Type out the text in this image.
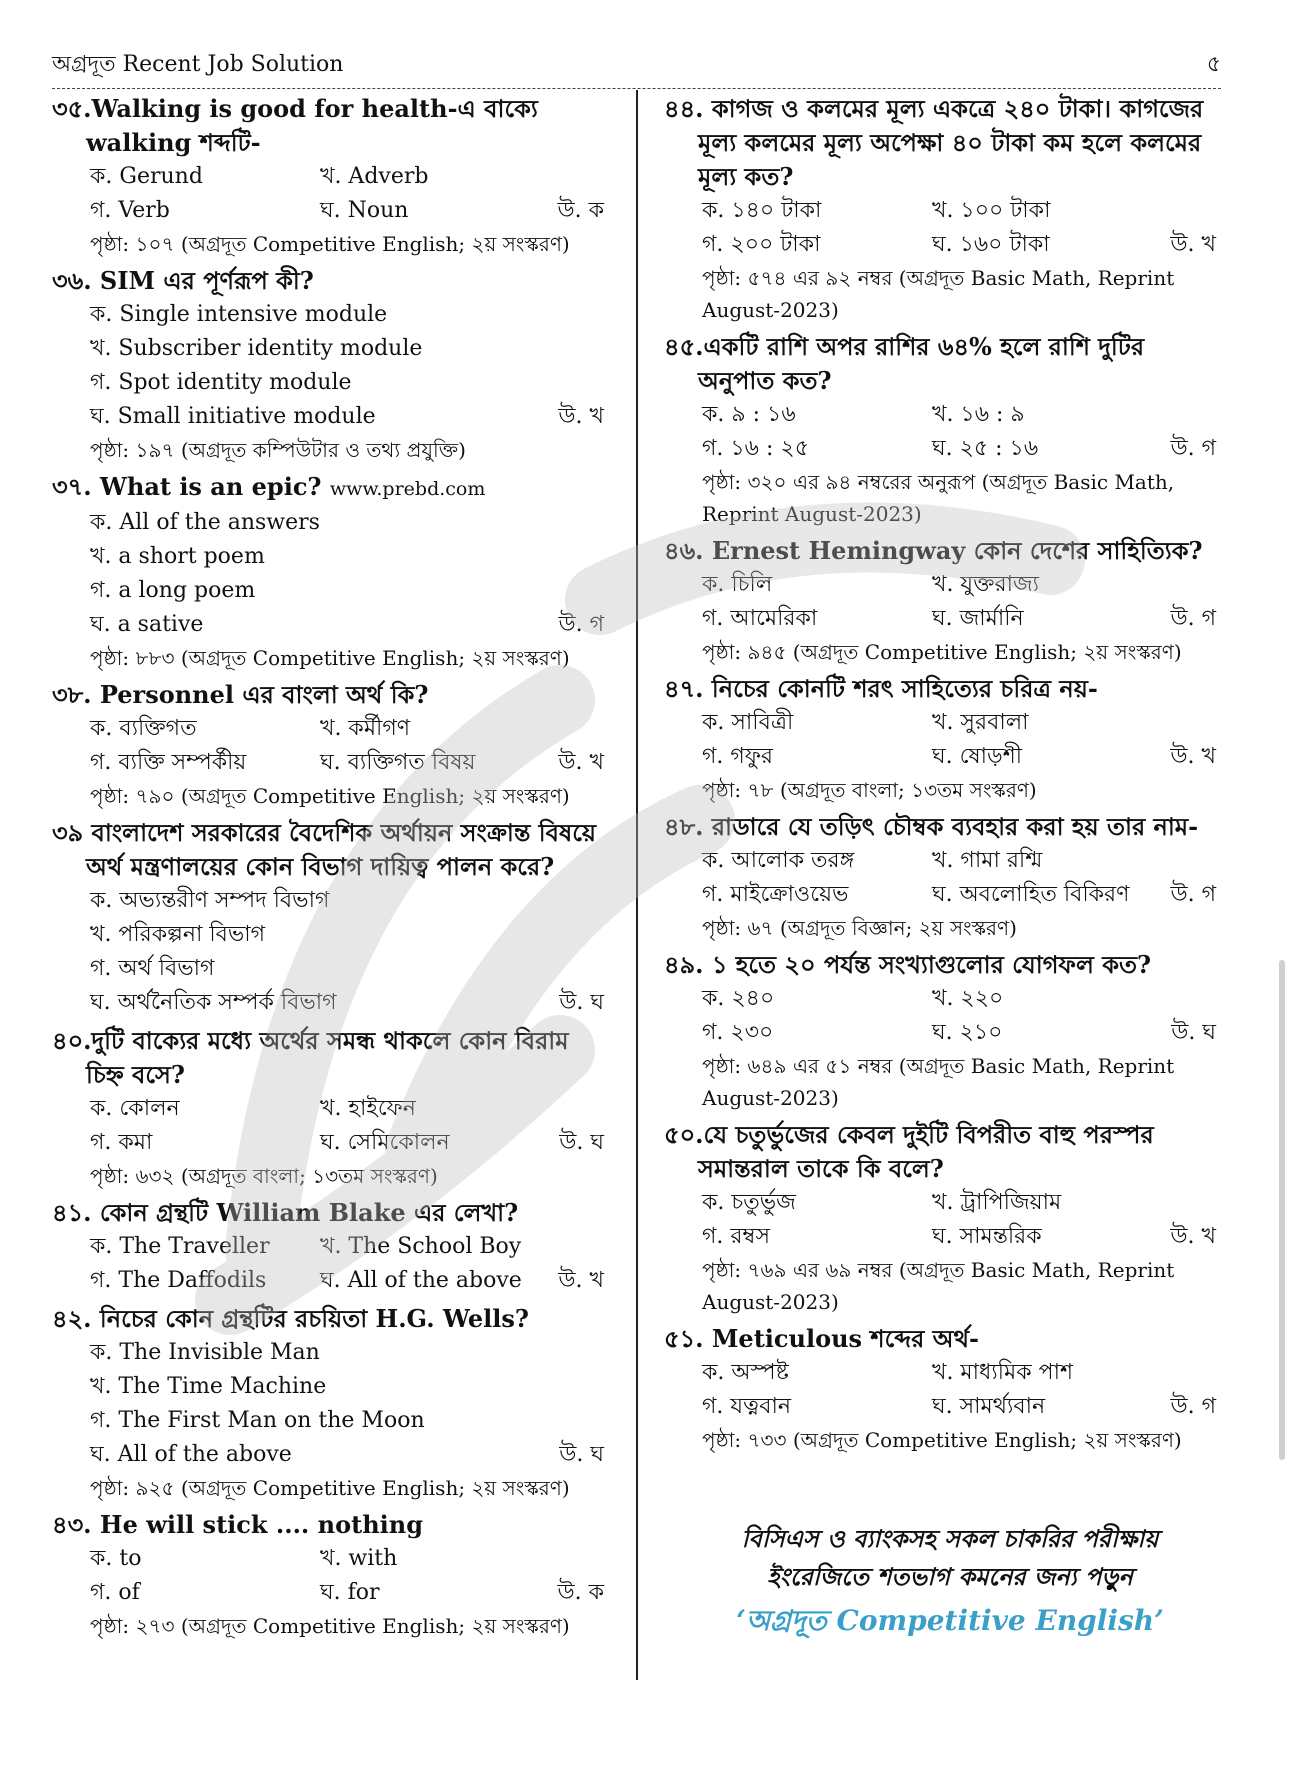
অগ্রদূত Recent Job Solution	৫
৩৫.Walking is good for health-এ বাক্যে walking শব্দটি-
ক. Gerund	খ. Adverb
গ. Verb	ঘ. Noun	উ. ক
পৃষ্ঠা: ১০৭ (অগ্রদূত Competitive English; ২য় সংস্করণ)
৩৬. SIM এর পূর্ণরূপ কী?
ক. Single intensive module
খ. Subscriber identity module
গ. Spot identity module
ঘ. Small initiative module	উ. খ
পৃষ্ঠা: ১৯৭ (অগ্রদূত কম্পিউটার ও তথ্য প্রযুক্তি)
৩৭. What is an epic? www.prebd.com
ক. All of the answers
খ. a short poem
গ. a long poem
ঘ. a sative	উ. গ
পৃষ্ঠা: ৮৮৩ (অগ্রদূত Competitive English; ২য় সংস্করণ)
৩৮. Personnel এর বাংলা অর্থ কি?
ক. ব্যক্তিগত	খ. কর্মীগণ
গ. ব্যক্তি সম্পর্কীয়	ঘ. ব্যক্তিগত বিষয়	উ. খ
পৃষ্ঠা: ৭৯০ (অগ্রদূত Competitive English; ২য় সংস্করণ)
৩৯ বাংলাদেশ সরকারের বৈদেশিক অর্থায়ন সংক্রান্ত বিষয়ে অর্থ মন্ত্রণালয়ের কোন বিভাগ দায়িত্ব পালন করে?
ক. অভ্যন্তরীণ সম্পদ বিভাগ
খ. পরিকল্পনা বিভাগ
গ. অর্থ বিভাগ
ঘ. অর্থনৈতিক সম্পর্ক বিভাগ	উ. ঘ
৪০.দুটি বাক্যের মধ্যে অর্থের সমন্ধ থাকলে কোন বিরাম চিহ্ন বসে?
ক. কোলন	খ. হাইফেন
গ. কমা	ঘ. সেমিকোলন	উ. ঘ
পৃষ্ঠা: ৬৩২ (অগ্রদূত বাংলা; ১৩তম সংস্করণ)
৪১. কোন গ্রন্থটি William Blake এর লেখা?
ক. The Traveller	খ. The School Boy
গ. The Daffodils	ঘ. All of the above	উ. খ
৪২. নিচের কোন গ্রন্থটির রচয়িতা H.G. Wells?
ক. The Invisible Man
খ. The Time Machine
গ. The First Man on the Moon
ঘ. All of the above	উ. ঘ
পৃষ্ঠা: ৯২৫ (অগ্রদূত Competitive English; ২য় সংস্করণ)
৪৩. He will stick .... nothing
ক. to	খ. with
গ. of	ঘ. for	উ. ক
পৃষ্ঠা: ২৭৩ (অগ্রদূত Competitive English; ২য় সংস্করণ)
৪৪. কাগজ ও কলমের মূল্য একত্রে ২৪০ টাকা। কাগজের মূল্য কলমের মূল্য অপেক্ষা ৪০ টাকা কম হলে কলমের মূল্য কত?
ক. ১৪০ টাকা	খ. ১০০ টাকা
গ. ২০০ টাকা	ঘ. ১৬০ টাকা	উ. খ
পৃষ্ঠা: ৫৭৪ এর ৯২ নম্বর (অগ্রদূত Basic Math, Reprint August-2023)
৪৫.একটি রাশি অপর রাশির ৬৪% হলে রাশি দুটির অনুপাত কত?
ক. ৯ : ১৬	খ. ১৬ : ৯
গ. ১৬ : ২৫	ঘ. ২৫ : ১৬	উ. গ
পৃষ্ঠা: ৩২০ এর ৯৪ নম্বরের অনুরূপ (অগ্রদূত Basic Math, Reprint August-2023)
৪৬. Ernest Hemingway কোন দেশের সাহিত্যিক?
ক. চিলি	খ. যুক্তরাজ্য
গ. আমেরিকা	ঘ. জার্মানি	উ. গ
পৃষ্ঠা: ৯৪৫ (অগ্রদূত Competitive English; ২য় সংস্করণ)
৪৭. নিচের কোনটি শরৎ সাহিত্যের চরিত্র নয়-
ক. সাবিত্রী	খ. সুরবালা
গ. গফুর	ঘ. ষোড়শী	উ. খ
পৃষ্ঠা: ৭৮ (অগ্রদূত বাংলা; ১৩তম সংস্করণ)
৪৮. রাডারে যে তড়িৎ চৌম্বক ব্যবহার করা হয় তার নাম-
ক. আলোক তরঙ্গ	খ. গামা রশ্মি
গ. মাইক্রোওয়েভ	ঘ. অবলোহিত বিকিরণ	উ. গ
পৃষ্ঠা: ৬৭ (অগ্রদূত বিজ্ঞান; ২য় সংস্করণ)
৪৯. ১ হতে ২০ পর্যন্ত সংখ্যাগুলোর যোগফল কত?
ক. ২৪০	খ. ২২০
গ. ২৩০	ঘ. ২১০	উ. ঘ
পৃষ্ঠা: ৬৪৯ এর ৫১ নম্বর (অগ্রদূত Basic Math, Reprint August-2023)
৫০.যে চতুর্ভুজের কেবল দুইটি বিপরীত বাহু পরস্পর সমান্তরাল তাকে কি বলে?
ক. চতুর্ভুজ	খ. ট্রাপিজিয়াম
গ. রম্বস	ঘ. সামন্তরিক	উ. খ
পৃষ্ঠা: ৭৬৯ এর ৬৯ নম্বর (অগ্রদূত Basic Math, Reprint August-2023)
৫১. Meticulous শব্দের অর্থ-
ক. অস্পষ্ট	খ. মাধ্যমিক পাশ
গ. যত্নবান	ঘ. সামর্থ্যবান	উ. গ
পৃষ্ঠা: ৭৩৩ (অগ্রদূত Competitive English; ২য় সংস্করণ)
বিসিএস ও ব্যাংকসহ সকল চাকরির পরীক্ষায়
ইংরেজিতে শতভাগ কমনের জন্য পড়ুন
‘অগ্রদূত Competitive English’
